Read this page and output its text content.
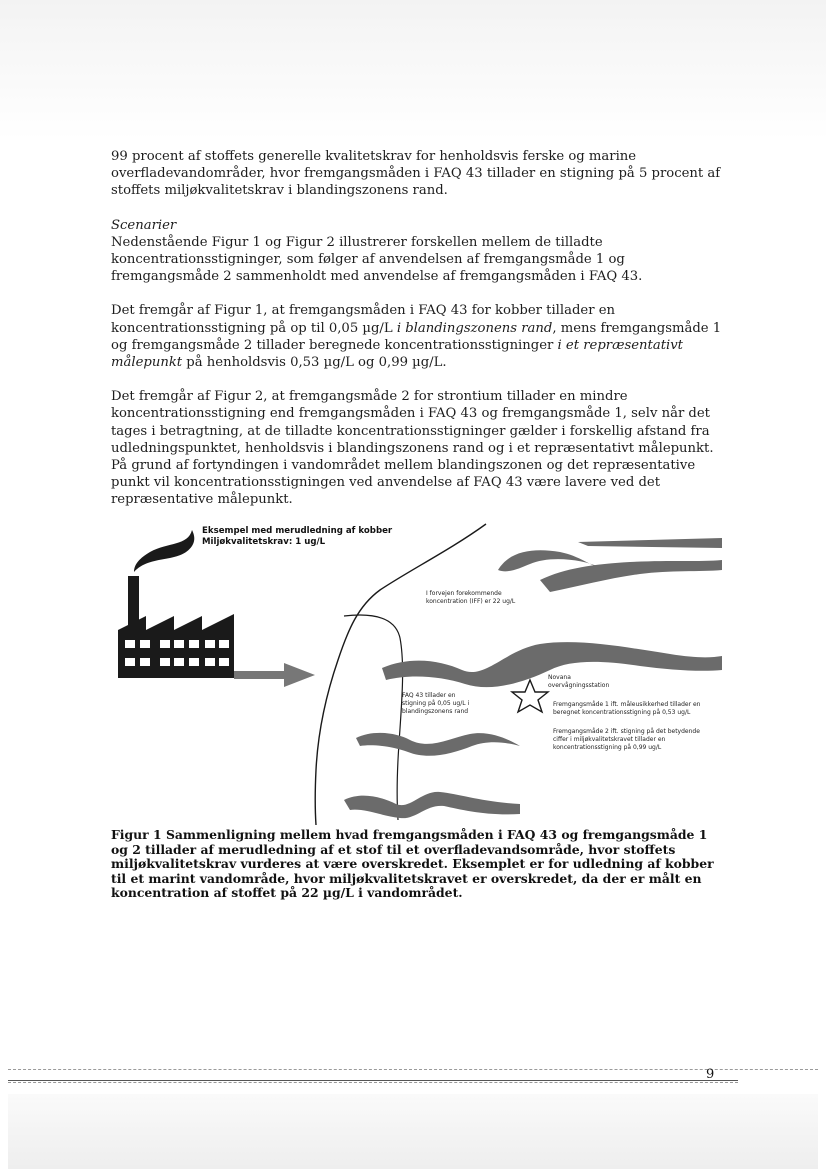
99 procent af stoffets generelle kvalitetskrav for henholdsvis ferske og marine overfladevandområder, hvor fremgangsmåden i FAQ 43 tillader en stigning på 5 procent af stoffets miljøkvalitetskrav i blandingszonens rand.

Scenarier
Nedenstående Figur 1 og Figur 2 illustrerer forskellen mellem de tilladte koncentrationsstigninger, som følger af anvendelsen af fremgangsmåde 1 og fremgangsmåde 2 sammenholdt med anvendelse af fremgangsmåden i FAQ 43.

Det fremgår af Figur 1, at fremgangsmåden i FAQ 43 for kobber tillader en koncentrationsstigning på op til 0,05 µg/L i blandingszonens rand, mens fremgangsmåde 1 og fremgangsmåde 2 tillader beregnede koncentrationsstigninger i et repræsentativt målepunkt på henholdsvis 0,53 µg/L og 0,99 µg/L.

Det fremgår af Figur 2, at fremgangsmåde 2 for strontium tillader en mindre koncentrationsstigning end fremgangsmåden i FAQ 43 og fremgangsmåde 1, selv når det tages i betragtning, at de tilladte koncentrationsstigninger gælder i forskellig afstand fra udledningspunktet, henholdsvis i blandingszonens rand og i et repræsentativt målepunkt. På grund af fortyndingen i vandområdet mellem blandingszonen og det repræsentative punkt vil koncentrationsstigningen ved anvendelse af FAQ 43 være lavere ved det repræsentative målepunkt.

Eksempel med merudledning af kobber
Miljøkvalitetskrav: 1 ug/L
I forvejen forekommende
koncentration (IFF) er 22 ug/L
FAQ 43 tillader en
stigning på 0,05 ug/L i
blandingszonens rand
Novana
overvågningsstation
Fremgangsmåde 1 ift. måleusikkerhed tillader en
beregnet koncentrationsstigning på 0,53 ug/L
Fremgangsmåde 2 ift. stigning på det betydende
ciffer i miljøkvalitetskravet tillader en
koncentrationsstigning på 0,99 ug/L
Figur 1 Sammenligning mellem hvad fremgangsmåden i FAQ 43 og fremgangsmåde 1 og 2 tillader af merudledning af et stof til et overfladevandsområde, hvor stoffets miljøkvalitetskrav vurderes at være overskredet. Eksemplet er for udledning af kobber til et marint vandområde, hvor miljøkvalitetskravet er overskredet, da der er målt en koncentration af stoffet på 22 µg/L i vandområdet.
9
